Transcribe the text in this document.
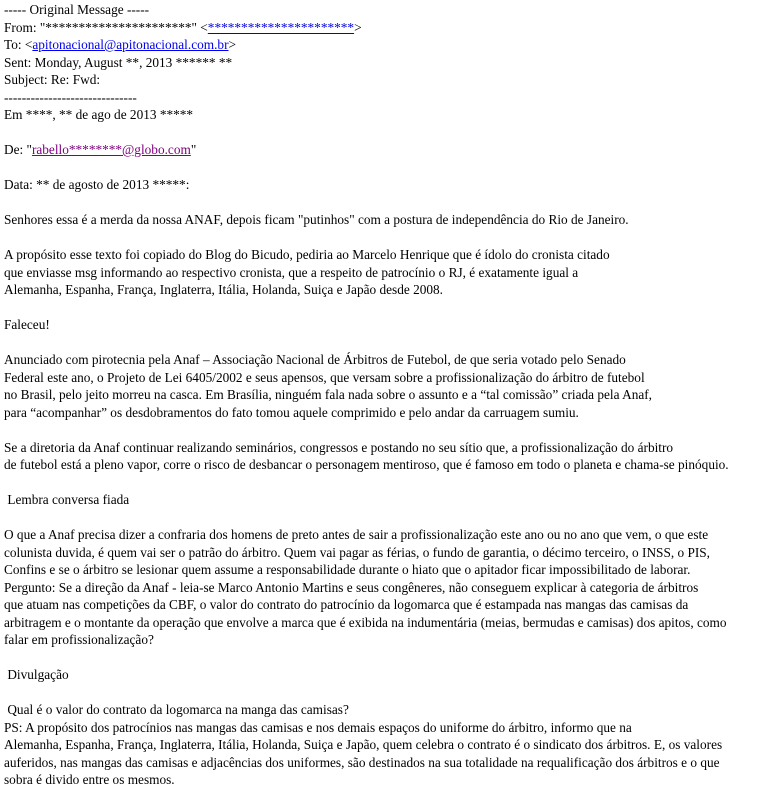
----- Original Message -----
From: "**********************" <**********************>
To: <apitonacional@apitonacional.com.br>
Sent: Monday, August **, 2013 ****** **
Subject: Re: Fwd:
------------------------------
Em ****, ** de ago de 2013 *****
De: "rabello********@globo.com"
Data: ** de agosto de 2013 *****:
Senhores essa é a merda da nossa ANAF, depois ficam "putinhos" com a postura de independência do Rio de Janeiro.
A propósito esse texto foi copiado do Blog do Bicudo, pediria ao Marcelo Henrique que é ídolo do cronista citado
que enviasse msg informando ao respectivo cronista, que a respeito de patrocínio o RJ, é exatamente igual a
Alemanha, Espanha, França, Inglaterra, Itália, Holanda, Suiça e Japão desde 2008.
Faleceu!
Anunciado com pirotecnia pela Anaf – Associação Nacional de Árbitros de Futebol, de que seria votado pelo Senado
Federal este ano, o Projeto de Lei 6405/2002 e seus apensos, que versam sobre a profissionalização do árbitro de futebol
no Brasil, pelo jeito morreu na casca. Em Brasília, ninguém fala nada sobre o assunto e a “tal comissão” criada pela Anaf,
para “acompanhar” os desdobramentos do fato tomou aquele comprimido e pelo andar da carruagem sumiu.
Se a diretoria da Anaf continuar realizando seminários, congressos e postando no seu sítio que, a profissionalização do árbitro
de futebol está a pleno vapor, corre o risco de desbancar o personagem mentiroso, que é famoso em todo o planeta e chama-se pinóquio.
Lembra conversa fiada
O que a Anaf precisa dizer a confraria dos homens de preto antes de sair a profissionalização este ano ou no ano que vem, o que este
colunista duvida, é quem vai ser o patrão do árbitro. Quem vai pagar as férias, o fundo de garantia, o décimo terceiro, o INSS, o PIS,
Confins e se o árbitro se lesionar quem assume a responsabilidade durante o hiato que o apitador ficar impossibilitado de laborar.
Pergunto: Se a direção da Anaf - leia-se Marco Antonio Martins e seus congêneres, não conseguem explicar à categoria de árbitros
que atuam nas competições da CBF, o valor do contrato do patrocínio da logomarca que é estampada nas mangas das camisas da
arbitragem e o montante da operação que envolve a marca que é exibida na indumentária (meias, bermudas e camisas) dos apitos, como
falar em profissionalização?
Divulgação
Qual é o valor do contrato da logomarca na manga das camisas?
PS: A propósito dos patrocínios nas mangas das camisas e nos demais espaços do uniforme do árbitro, informo que na
Alemanha, Espanha, França, Inglaterra, Itália, Holanda, Suiça e Japão, quem celebra o contrato é o sindicato dos árbitros. E, os valores
auferidos, nas mangas das camisas e adjacências dos uniformes, são destinados na sua totalidade na requalificação dos árbitros e o que
sobra é divido entre os mesmos.
